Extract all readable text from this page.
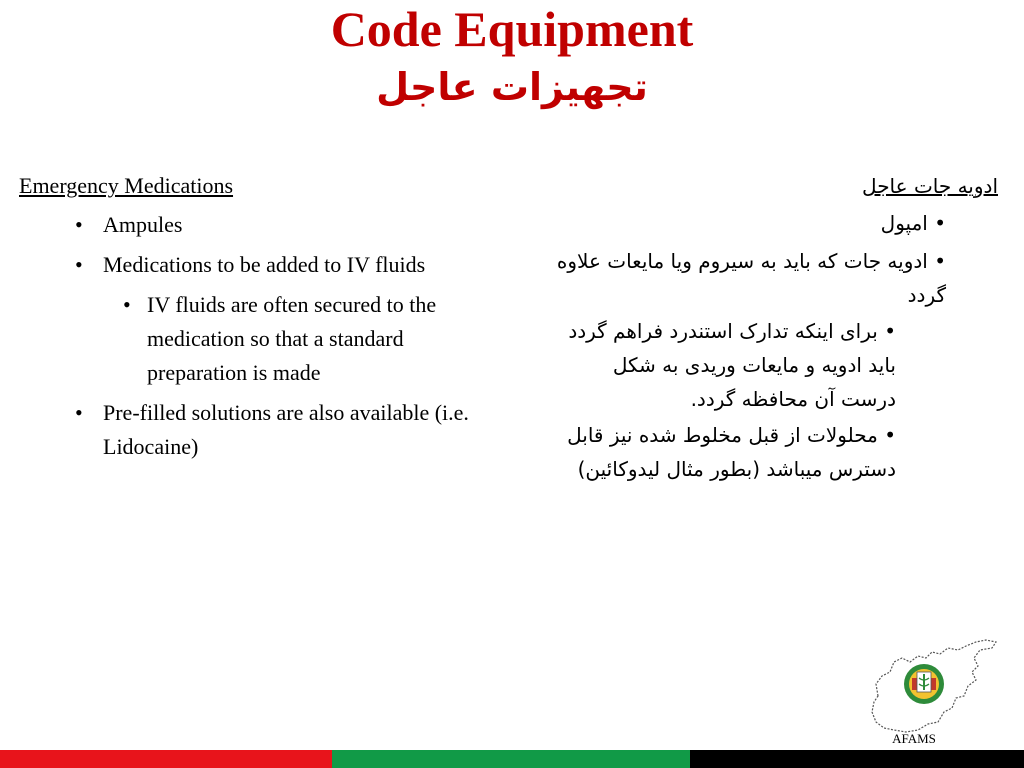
Code Equipment
تجهیزات عاجل

Emergency Medications

• Ampules
• Medications to be added to IV fluids
• IV fluids are often secured to the medication so that a standard preparation is made
• Pre-filled solutions are also available (i.e. Lidocaine)

ادویه جات عاجل

• امپول
• ادویه جات که باید به سیروم ویا مایعات علاوه گردد
• برای اینکه تدارک استندرد فراهم گردد باید ادویه و مایعات وریدی به شکل درست آن محافظه گردد.
• محلولات از قبل مخلوط شده نیز قابل دسترس میباشد (بطور مثال لیدوکائین)
AFAMS
